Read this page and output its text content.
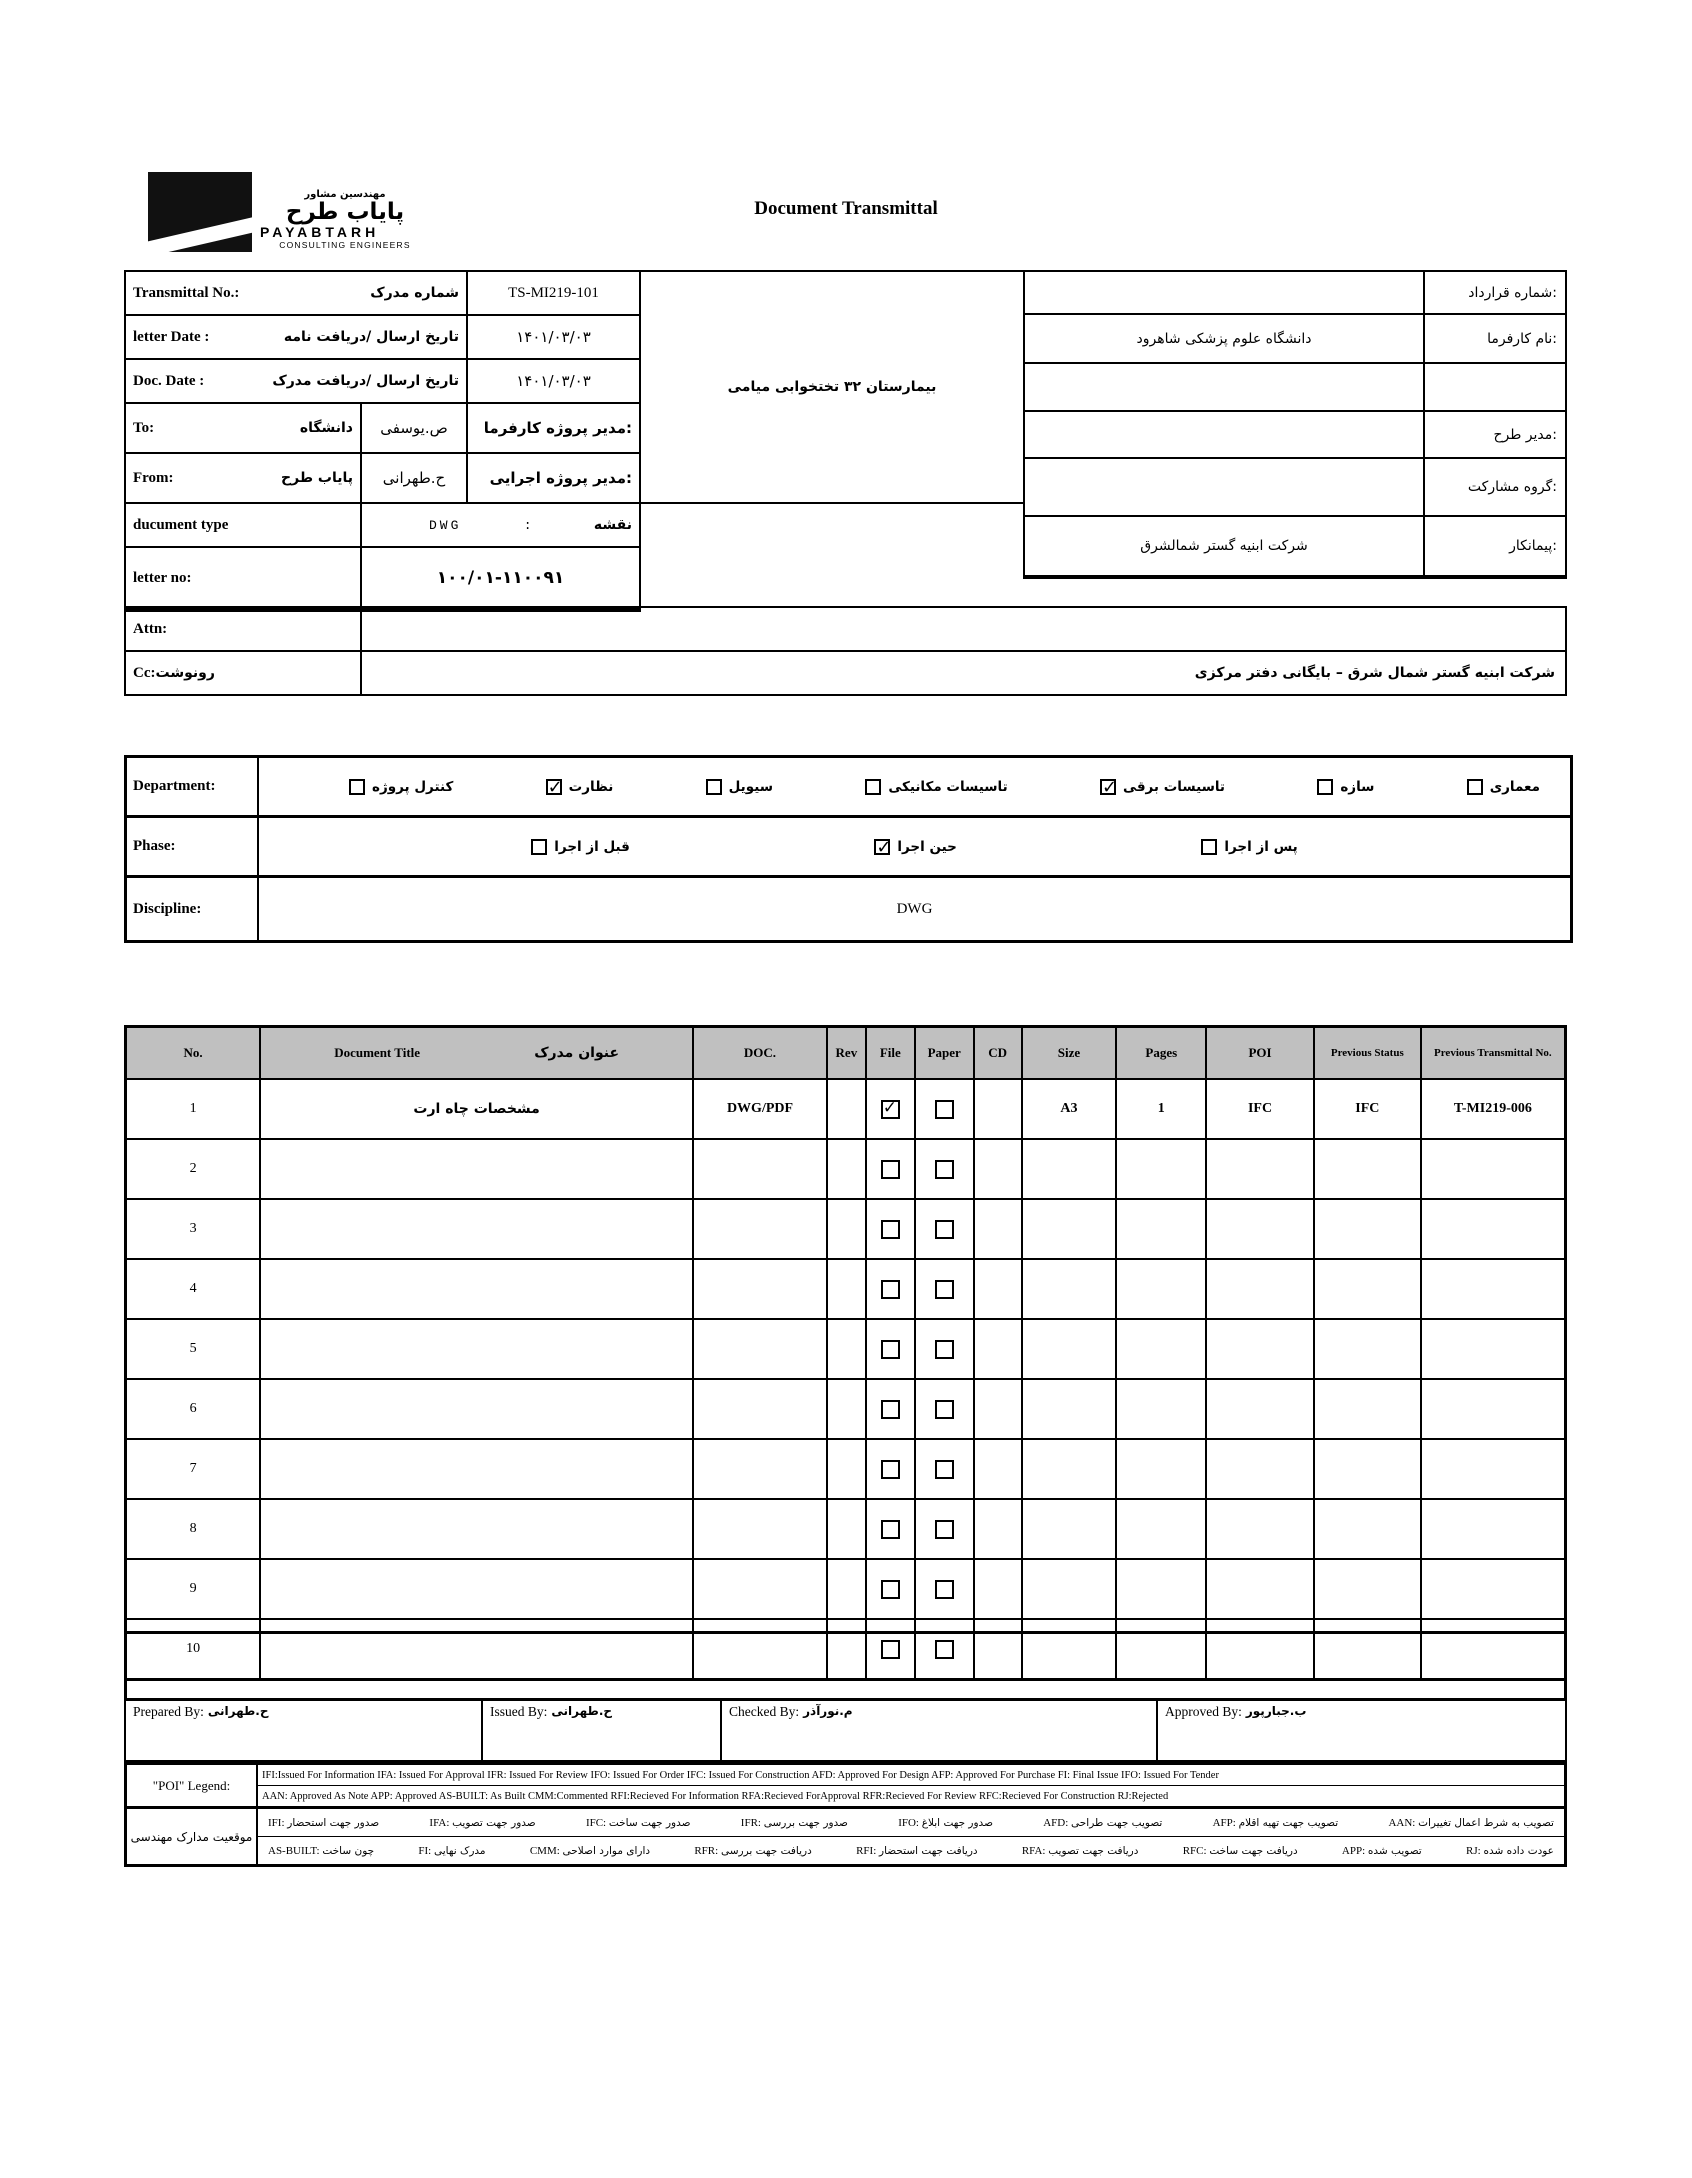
مهندسین مشاور
پایاب طرح
PAYABTARH
CONSULTING ENGINEERS
Document Transmittal
Transmittal No.:	شماره مدرک	TS-MI219-101
letter Date :	تاریخ ارسال /دریافت نامه	۱۴۰۱/۰۳/۰۳
Doc. Date :	تاریخ ارسال /دریافت مدرک	۱۴۰۱/۰۳/۰۳
To:	دانشگاه	ص.یوسفی	مدیر پروژه کارفرما:
From:	پایاب طرح	ح.طهرانی	مدیر پروژه اجرایی:
ducument type	DWG	:	نقشه
letter no:	۱۰۰/۰۱-۱۱۰۰۹۱
بیمارستان ۳۲ تختخوابی میامی
شماره قرارداد:
دانشگاه علوم پزشکی شاهرود	نام کارفرما:
مدیر طرح:
گروه مشارکت:
شرکت ابنیه گستر شمالشرق	پیمانکار:
Attn:
Cc: رونوشت	شرکت ابنیه گستر شمال شرق – بایگانی دفتر مرکزی
Department:	معماری
سازه
✓
تاسیسات برقی
تاسیسات مکانیکی
سیویل
✓
نظارت
کنترل پروژه
Phase:	پس از اجرا
✓
حین اجرا
قبل از اجرا
Discipline:	DWG
No.	Document Title عنوان مدرک	DOC.	Rev	File	Paper	CD	Size	Pages	POI	Previous Status	Previous Transmittal No.
1	مشخصات چاه ارت	DWG/PDF		✓			A3	1	IFC	IFC	T-MI219-006
2											
3											
4											
5											
6											
7											
8											
9											
10											
Prepared By: ح.طهرانی	Issued By: ح.طهرانی	Checked By: م.نورآذر	Approved By: ب.جبارپور
"POI" Legend:
IFI:Issued For Information IFA: Issued For Approval IFR: Issued For Review IFO: Issued For Order IFC: Issued For Construction AFD: Approved For Design AFP: Approved For Purchase FI: Final Issue IFO: Issued For Tender
AAN: Approved As Note APP: Approved AS-BUILT: As Built CMM:Commented RFI:Recieved For Information RFA:Recieved ForApproval RFR:Recieved For Review RFC:Recieved For Construction RJ:Rejected
موقعیت مدارک مهندسی
IFI: صدور جهت استحضار	IFA: صدور جهت تصویب	IFC: صدور جهت ساخت	IFR: صدور جهت بررسی	IFO: صدور جهت ابلاغ	AFD: تصویب جهت طراحی	AFP: تصویب جهت تهیه اقلام	AAN: تصویب به شرط اعمال تغییرات
AS-BUILT: چون ساخت	FI: مدرک نهایی	CMM: دارای موارد اصلاحی	RFR: دریافت جهت بررسی	RFI: دریافت جهت استحضار	RFA: دریافت جهت تصویب	RFC: دریافت جهت ساخت	APP: تصویب شده	RJ: عودت داده شده
